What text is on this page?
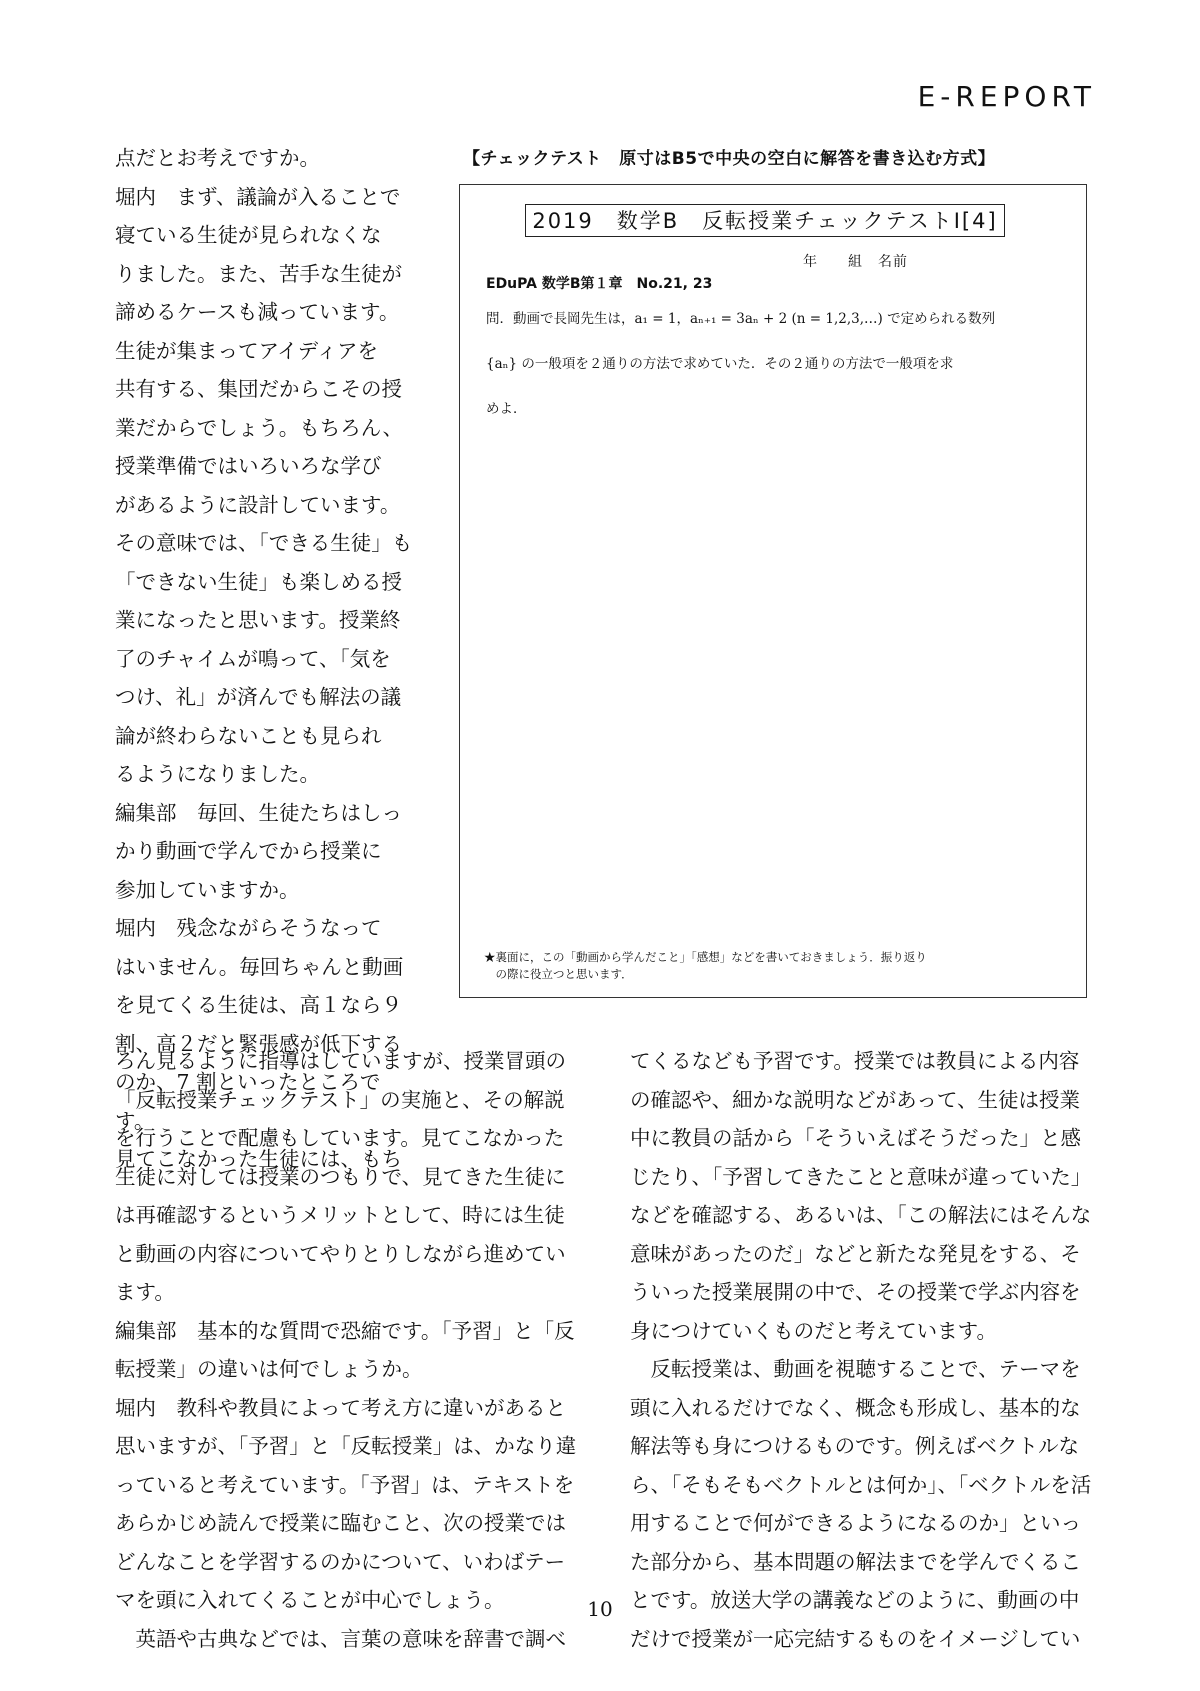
E-REPORT

点だとお考えですか。

堀内　まず、議論が入ることで

寝ている生徒が見られなくな

りました。また、苦手な生徒が

諦めるケースも減っています。

生徒が集まってアイディアを

共有する、集団だからこその授

業だからでしょう。もちろん、

授業準備ではいろいろな学び

があるように設計しています。

その意味では、「できる生徒」も

「できない生徒」も楽しめる授

業になったと思います。授業終

了のチャイムが鳴って、「気を

つけ、礼」が済んでも解法の議

論が終わらないことも見られ

るようになりました。

編集部　毎回、生徒たちはしっ

かり動画で学んでから授業に

参加していますか。

堀内　残念ながらそうなって

はいません。毎回ちゃんと動画

を見てくる生徒は、高１なら９

割、高２だと緊張感が低下する

のか、7 割といったところです。

見てこなかった生徒には、もち

【チェックテスト　原寸はB5で中央の空白に解答を書き込む方式】
2019　数学B　反転授業チェックテストⅠ[4]
年　　組　名前
EDuPA 数学B第１章　No.21, 23
問．動画で長岡先生は，a₁ = 1，aₙ₊₁ = 3aₙ + 2 (n = 1,2,3,…) で定められる数列
{aₙ} の一般項を２通りの方法で求めていた．その２通りの方法で一般項を求
めよ．
★裏面に，この「動画から学んだこと」「感想」などを書いておきましょう．振り返り
　の際に役立つと思います．

ろん見るように指導はしていますが、授業冒頭の

「反転授業チェックテスト」の実施と、その解説

を行うことで配慮もしています。見てこなかった

生徒に対しては授業のつもりで、見てきた生徒に

は再確認するというメリットとして、時には生徒

と動画の内容についてやりとりしながら進めてい

ます。

編集部　基本的な質問で恐縮です。「予習」と「反

転授業」の違いは何でしょうか。

堀内　教科や教員によって考え方に違いがあると

思いますが、「予習」と「反転授業」は、かなり違

っていると考えています。「予習」は、テキストを

あらかじめ読んで授業に臨むこと、次の授業では

どんなことを学習するのかについて、いわばテー

マを頭に入れてくることが中心でしょう。

英語や古典などでは、言葉の意味を辞書で調べ

てくるなども予習です。授業では教員による内容

の確認や、細かな説明などがあって、生徒は授業

中に教員の話から「そういえばそうだった」と感

じたり、「予習してきたことと意味が違っていた」

などを確認する、あるいは、「この解法にはそんな

意味があったのだ」などと新たな発見をする、そ

ういった授業展開の中で、その授業で学ぶ内容を

身につけていくものだと考えています。

反転授業は、動画を視聴することで、テーマを

頭に入れるだけでなく、概念も形成し、基本的な

解法等も身につけるものです。例えばベクトルな

ら、「そもそもベクトルとは何か」、「ベクトルを活

用することで何ができるようになるのか」といっ

た部分から、基本問題の解法までを学んでくるこ

とです。放送大学の講義などのように、動画の中

だけで授業が一応完結するものをイメージしてい

10
